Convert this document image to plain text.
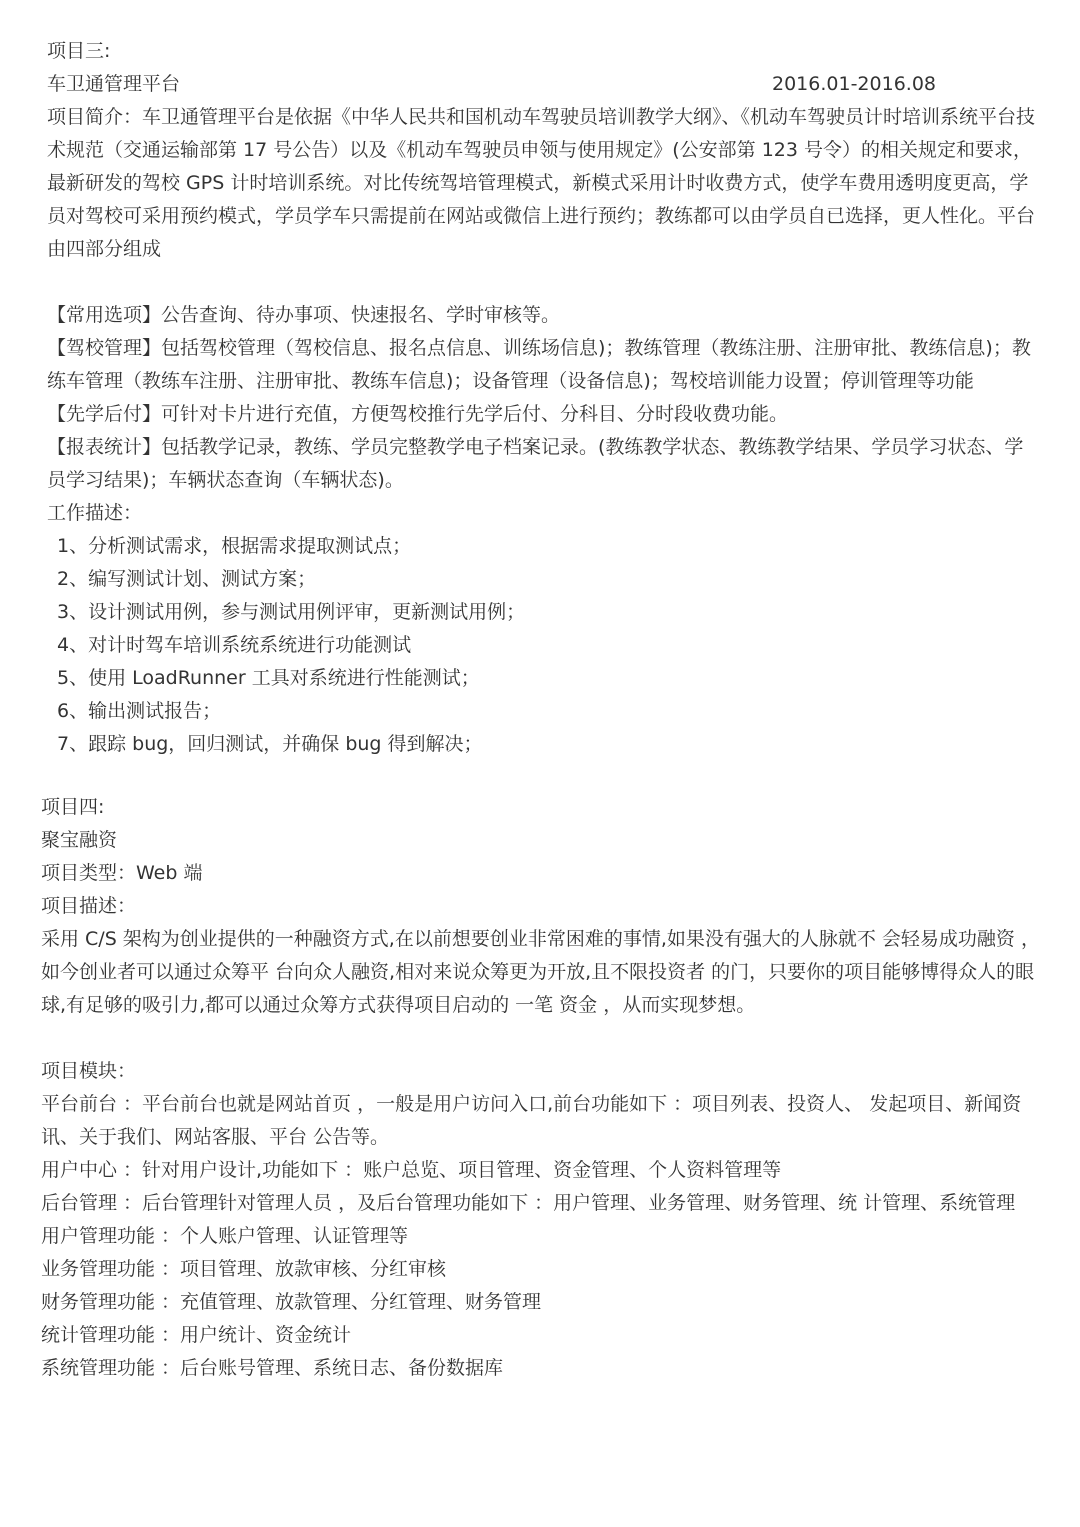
项目三:
车卫通管理平台	2016.01-2016.08
项目简介：车卫通管理平台是依据《中华人民共和国机动车驾驶员培训教学大纲》、《机动车驾驶员计时培训系统平台技术规范（交通运输部第 17 号公告）以及《机动车驾驶员申领与使用规定》(公安部第 123 号令）的相关规定和要求，最新研发的驾校 GPS 计时培训系统。对比传统驾培管理模式，新模式采用计时收费方式，使学车费用透明度更高，学员对驾校可采用预约模式，学员学车只需提前在网站或微信上进行预约；教练都可以由学员自已选择，更人性化。平台由四部分组成
【常用选项】公告查询、待办事项、快速报名、学时审核等。
【驾校管理】包括驾校管理（驾校信息、报名点信息、训练场信息)；教练管理（教练注册、注册审批、教练信息)；教练车管理（教练车注册、注册审批、教练车信息)；设备管理（设备信息)；驾校培训能力设置；停训管理等功能
【先学后付】可针对卡片进行充值，方便驾校推行先学后付、分科目、分时段收费功能。
【报表统计】包括教学记录，教练、学员完整教学电子档案记录。(教练教学状态、教练教学结果、学员学习状态、学员学习结果)；车辆状态查询（车辆状态)。
工作描述：
1、分析测试需求，根据需求提取测试点；
2、编写测试计划、测试方案；
3、设计测试用例，参与测试用例评审，更新测试用例；
4、对计时驾车培训系统系统进行功能测试
5、使用 LoadRunner 工具对系统进行性能测试；
6、输出测试报告；
7、跟踪 bug，回归测试，并确保 bug 得到解决；
项目四:
聚宝融资
项目类型：Web 端
项目描述：
采用 C/S 架构为创业提供的一种融资方式,在以前想要创业非常困难的事情,如果没有强大的人脉就不 会轻易成功融资 ，如今创业者可以通过众筹平 台向众人融资,相对来说众筹更为开放,且不限投资者 的门，只要你的项目能够博得众人的眼球,有足够的吸引力,都可以通过众筹方式获得项目启动的 一笔 资金 ，从而实现梦想。
项目模块：
平台前台 ：平台前台也就是网站首页 ，一般是用户访问入口,前台功能如下 ：项目列表、投资人、 发起项目、新闻资讯、关于我们、网站客服、平台 公告等。
用户中心 ：针对用户设计,功能如下 ：账户总览、项目管理、资金管理、个人资料管理等
后台管理 ：后台管理针对管理人员 ，及后台管理功能如下 ：用户管理、业务管理、财务管理、统 计管理、系统管理
用户管理功能 ：个人账户管理、认证管理等
业务管理功能 ：项目管理、放款审核、分红审核
财务管理功能 ：充值管理、放款管理、分红管理、财务管理
统计管理功能 ：用户统计、资金统计
系统管理功能 ：后台账号管理、系统日志、备份数据库
